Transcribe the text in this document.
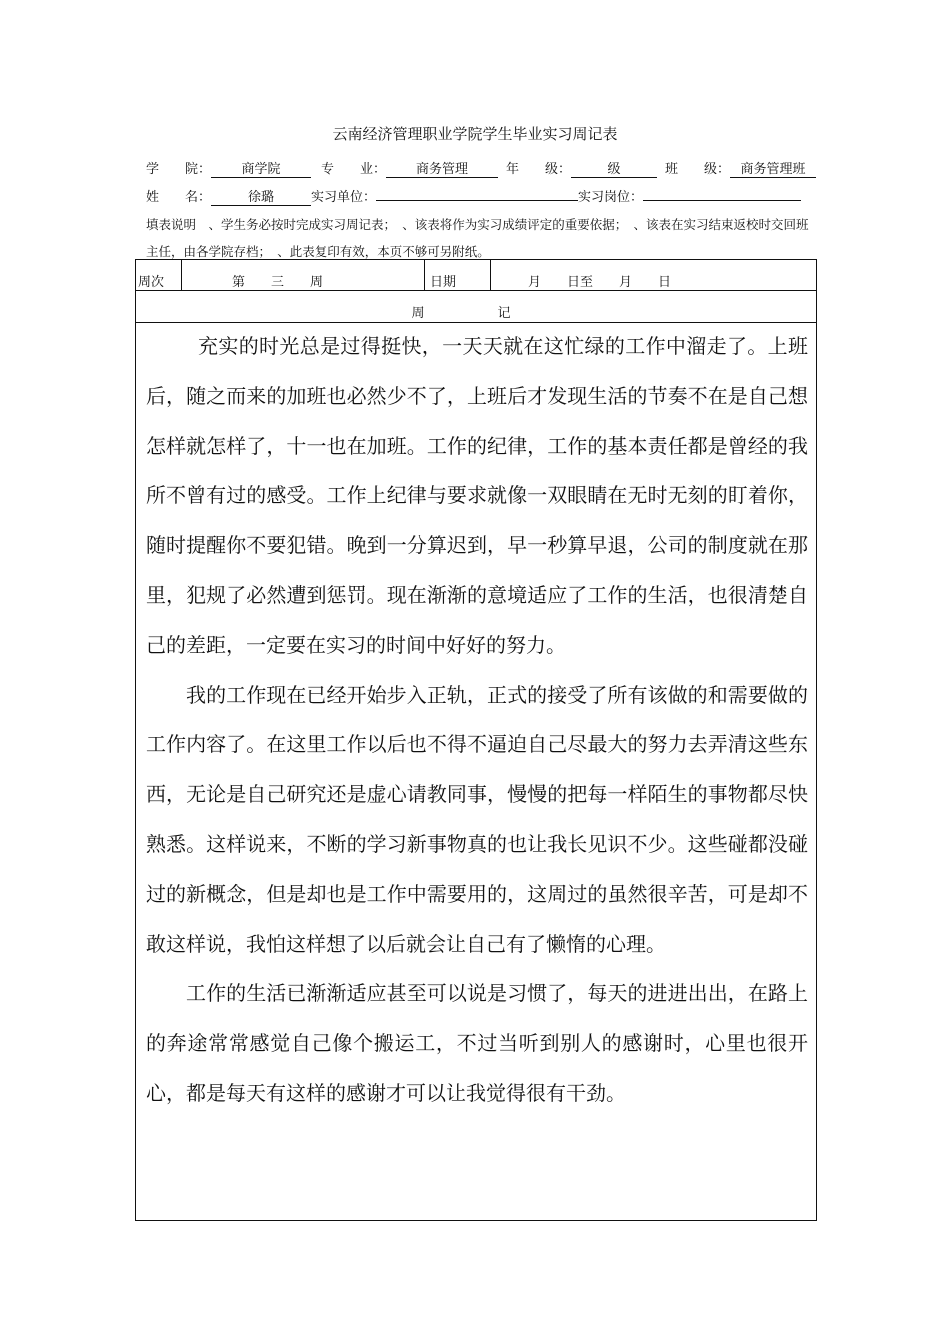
云南经济管理职业学院学生毕业实习周记表
学　　院： 商学院	专　　业： 商务管理	年　　级：	级	班　　级： 商务管理班
姓　　名：	徐璐	实习单位：	实习岗位：
填表说明　、学生务必按时完成实习周记表；　、该表将作为实习成绩评定的重要依据；　、该表在实习结束返校时交回班主任，由各学院存档；　、此表复印有效，本页不够可另附纸。
周次	第　　三　　周	日期	月　　日至　　月　　日
周　记

充实的时光总是过得挺快，一天天就在这忙绿的工作中溜走了。上班后，随之而来的加班也必然少不了，上班后才发现生活的节奏不在是自己想怎样就怎样了，十一也在加班。工作的纪律，工作的基本责任都是曾经的我所不曾有过的感受。工作上纪律与要求就像一双眼睛在无时无刻的盯着你，随时提醒你不要犯错。晚到一分算迟到，早一秒算早退，公司的制度就在那里，犯规了必然遭到惩罚。现在渐渐的意境适应了工作的生活，也很清楚自己的差距，一定要在实习的时间中好好的努力。

我的工作现在已经开始步入正轨，正式的接受了所有该做的和需要做的工作内容了。在这里工作以后也不得不逼迫自己尽最大的努力去弄清这些东西，无论是自己研究还是虚心请教同事，慢慢的把每一样陌生的事物都尽快熟悉。这样说来，不断的学习新事物真的也让我长见识不少。这些碰都没碰过的新概念，但是却也是工作中需要用的，这周过的虽然很辛苦，可是却不敢这样说，我怕这样想了以后就会让自己有了懒惰的心理。

工作的生活已渐渐适应甚至可以说是习惯了，每天的进进出出，在路上的奔途常常感觉自己像个搬运工，不过当听到别人的感谢时，心里也很开心，都是每天有这样的感谢才可以让我觉得很有干劲。
